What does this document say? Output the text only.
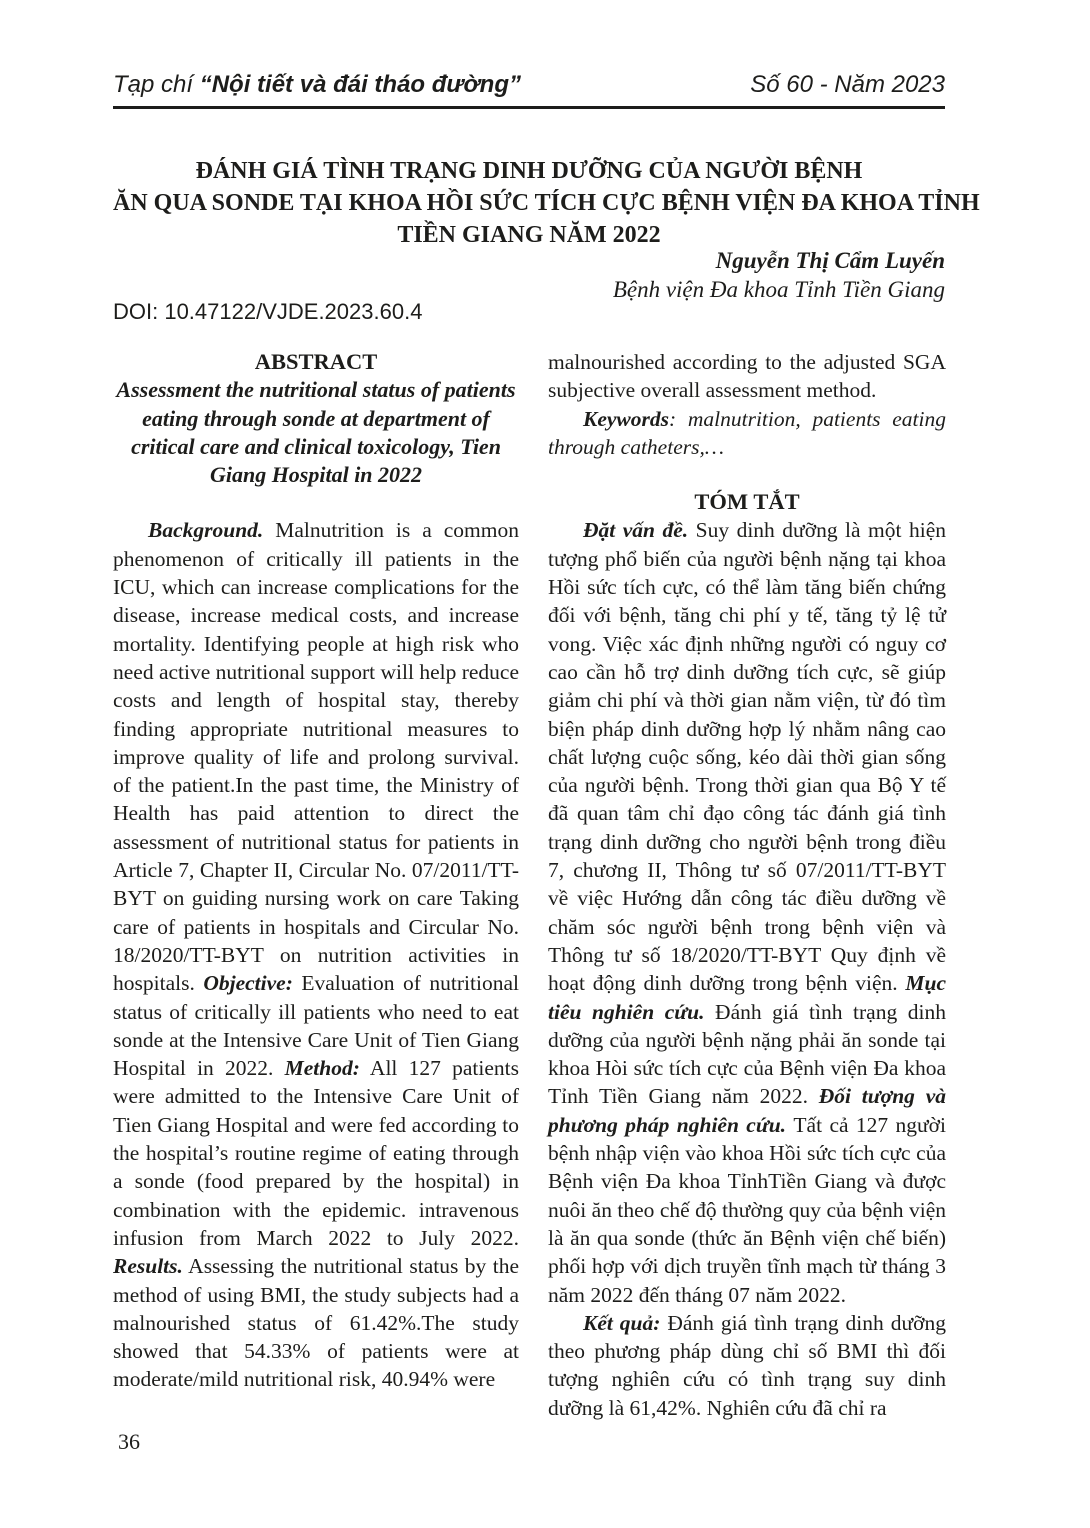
Tạp chí “Nội tiết và đái tháo đường”	Số 60 - Năm 2023
ĐÁNH GIÁ TÌNH TRẠNG DINH DƯỠNG CỦA NGƯỜI BỆNH
ĂN QUA SONDE TẠI KHOA HỒI SỨC TÍCH CỰC BỆNH VIỆN ĐA KHOA TỈNH
TIỀN GIANG NĂM 2022
Nguyễn Thị Cẩm Luyến
Bệnh viện Đa khoa Tỉnh Tiền Giang
DOI: 10.47122/VJDE.2023.60.4
ABSTRACT

Assessment the nutritional status of patients eating through sonde at department of critical care and clinical toxicology, Tien Giang Hospital in 2022

Background. Malnutrition is a common phenomenon of critically ill patients in the ICU, which can increase complications for the disease, increase medical costs, and increase mortality. Identifying people at high risk who need active nutritional support will help reduce costs and length of hospital stay, thereby finding appropriate nutritional measures to improve quality of life and prolong survival. of the patient.In the past time, the Ministry of Health has paid attention to direct the assessment of nutritional status for patients in Article 7, Chapter II, Circular No. 07/2011/TT-BYT on guiding nursing work on care Taking care of patients in hospitals and Circular No. 18/2020/TT-BYT on nutrition activities in hospitals. Objective: Evaluation of nutritional status of critically ill patients who need to eat sonde at the Intensive Care Unit of Tien Giang Hospital in 2022. Method: All 127 patients were admitted to the Intensive Care Unit of Tien Giang Hospital and were fed according to the hospital’s routine regime of eating through a sonde (food prepared by the hospital) in combination with the epidemic. intravenous infusion from March 2022 to July 2022. Results. Assessing the nutritional status by the method of using BMI, the study subjects had a malnourished status of 61.42%.The study showed that 54.33% of patients were at moderate/mild nutritional risk, 40.94% were

malnourished according to the adjusted SGA subjective overall assessment method.

Keywords: malnutrition, patients eating through catheters,…

TÓM TẮT

Đặt vấn đề. Suy dinh dưỡng là một hiện tượng phổ biến của người bệnh nặng tại khoa Hồi sức tích cực, có thể làm tăng biến chứng đối với bệnh, tăng chi phí y tế, tăng tỷ lệ tử vong. Việc xác định những người có nguy cơ cao cần hỗ trợ dinh dưỡng tích cực, sẽ giúp giảm chi phí và thời gian nằm viện, từ đó tìm biện pháp dinh dưỡng hợp lý nhằm nâng cao chất lượng cuộc sống, kéo dài thời gian sống của người bệnh. Trong thời gian qua Bộ Y tế đã quan tâm chỉ đạo công tác đánh giá tình trạng dinh dưỡng cho người bệnh trong điều 7, chương II, Thông tư số 07/2011/TT-BYT về việc Hướng dẫn công tác điều dưỡng về chăm sóc người bệnh trong bệnh viện và Thông tư số 18/2020/TT-BYT Quy định về hoạt động dinh dưỡng trong bệnh viện. Mục tiêu nghiên cứu. Đánh giá tình trạng dinh dưỡng của người bệnh nặng phải ăn sonde tại khoa Hòi sức tích cực của Bệnh viện Đa khoa Tỉnh Tiền Giang năm 2022. Đối tượng và phương pháp nghiên cứu. Tất cả 127 người bệnh nhập viện vào khoa Hồi sức tích cực của Bệnh viện Đa khoa TỉnhTiền Giang và được nuôi ăn theo chế độ thường quy của bệnh viện là ăn qua sonde (thức ăn Bệnh viện chế biến) phối hợp với dịch truyền tĩnh mạch từ tháng 3 năm 2022 đến tháng 07 năm 2022.

Kết quả: Đánh giá tình trạng dinh dưỡng theo phương pháp dùng chỉ số BMI thì đối tượng nghiên cứu có tình trạng suy dinh dưỡng là 61,42%. Nghiên cứu đã chỉ ra

36
